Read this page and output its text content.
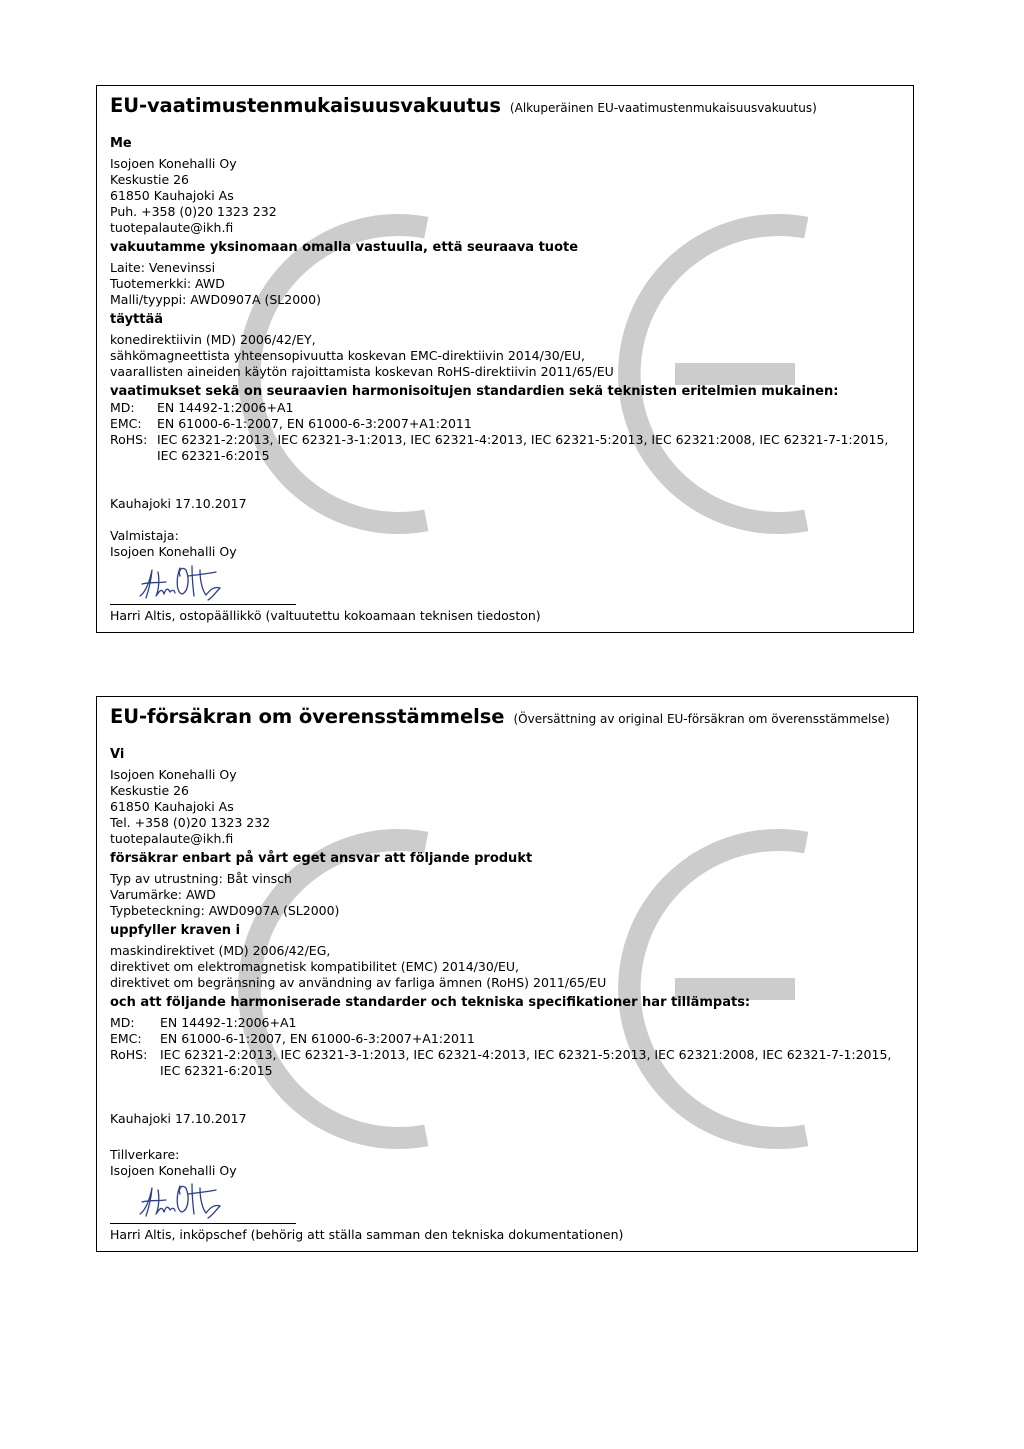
EU-vaatimustenmukaisuusvakuutus (Alkuperäinen EU-vaatimustenmukaisuusvakuutus)
Me
Isojoen Konehalli Oy
Keskustie 26
61850 Kauhajoki As
Puh. +358 (0)20 1323 232
tuotepalaute@ikh.fi
vakuutamme yksinomaan omalla vastuulla, että seuraava tuote
Laite: Venevinssi
Tuotemerkki: AWD
Malli/tyyppi: AWD0907A (SL2000)
täyttää
konedirektiivin (MD) 2006/42/EY,
sähkömagneettista yhteensopivuutta koskevan EMC-direktiivin 2014/30/EU,
vaarallisten aineiden käytön rajoittamista koskevan RoHS-direktiivin 2011/65/EU
vaatimukset sekä on seuraavien harmonisoitujen standardien sekä teknisten eritelmien mukainen:
MD: EN 14492-1:2006+A1
EMC: EN 61000-6-1:2007, EN 61000-6-3:2007+A1:2011
RoHS: IEC 62321-2:2013, IEC 62321-3-1:2013, IEC 62321-4:2013, IEC 62321-5:2013, IEC 62321:2008, IEC 62321-7-1:2015,
IEC 62321-6:2015
Kauhajoki 17.10.2017
Valmistaja:
Isojoen Konehalli Oy
Harri Altis, ostopäällikkö (valtuutettu kokoamaan teknisen tiedoston)
EU-försäkran om överensstämmelse (Översättning av original EU-försäkran om överensstämmelse)
Vi
Isojoen Konehalli Oy
Keskustie 26
61850 Kauhajoki As
Tel. +358 (0)20 1323 232
tuotepalaute@ikh.fi
försäkrar enbart på vårt eget ansvar att följande produkt
Typ av utrustning: Båt vinsch
Varumärke: AWD
Typbeteckning: AWD0907A (SL2000)
uppfyller kraven i
maskindirektivet (MD) 2006/42/EG,
direktivet om elektromagnetisk kompatibilitet (EMC) 2014/30/EU,
direktivet om begränsning av användning av farliga ämnen (RoHS) 2011/65/EU
och att följande harmoniserade standarder och tekniska specifikationer har tillämpats:
MD: EN 14492-1:2006+A1
EMC: EN 61000-6-1:2007, EN 61000-6-3:2007+A1:2011
RoHS: IEC 62321-2:2013, IEC 62321-3-1:2013, IEC 62321-4:2013, IEC 62321-5:2013, IEC 62321:2008, IEC 62321-7-1:2015,
IEC 62321-6:2015
Kauhajoki 17.10.2017
Tillverkare:
Isojoen Konehalli Oy
Harri Altis, inköpschef (behörig att ställa samman den tekniska dokumentationen)
